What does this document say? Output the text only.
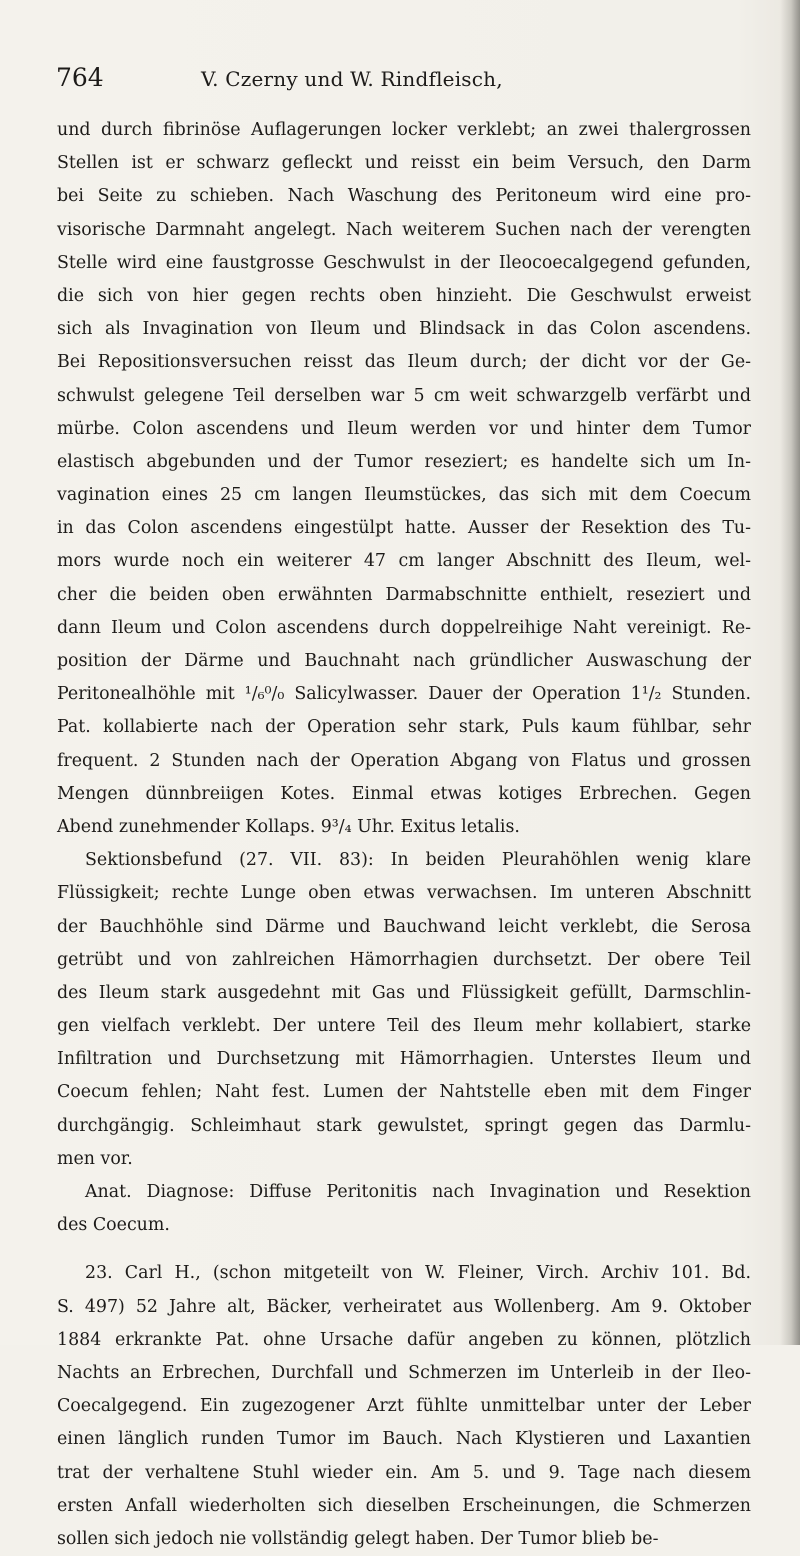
764	V. Czerny und W. Rindfleisch,
und durch fibrinöse Auflagerungen locker verklebt; an zwei thalergrossen
Stellen ist er schwarz gefleckt und reisst ein beim Versuch, den Darm
bei Seite zu schieben. Nach Waschung des Peritoneum wird eine pro-
visorische Darmnaht angelegt. Nach weiterem Suchen nach der verengten
Stelle wird eine faustgrosse Geschwulst in der Ileocoecalgegend gefunden,
die sich von hier gegen rechts oben hinzieht. Die Geschwulst erweist
sich als Invagination von Ileum und Blindsack in das Colon ascendens.
Bei Repositionsversuchen reisst das Ileum durch; der dicht vor der Ge-
schwulst gelegene Teil derselben war 5 cm weit schwarzgelb verfärbt und
mürbe. Colon ascendens und Ileum werden vor und hinter dem Tumor
elastisch abgebunden und der Tumor reseziert; es handelte sich um In-
vagination eines 25 cm langen Ileumstückes, das sich mit dem Coecum
in das Colon ascendens eingestülpt hatte. Ausser der Resektion des Tu-
mors wurde noch ein weiterer 47 cm langer Abschnitt des Ileum, wel-
cher die beiden oben erwähnten Darmabschnitte enthielt, reseziert und
dann Ileum und Colon ascendens durch doppelreihige Naht vereinigt. Re-
position der Därme und Bauchnaht nach gründlicher Auswaschung der
Peritonealhöhle mit ¹/₆⁰/₀ Salicylwasser. Dauer der Operation 1¹/₂ Stunden.
Pat. kollabierte nach der Operation sehr stark, Puls kaum fühlbar, sehr
frequent. 2 Stunden nach der Operation Abgang von Flatus und grossen
Mengen dünnbreiigen Kotes. Einmal etwas kotiges Erbrechen. Gegen
Abend zunehmender Kollaps. 9³/₄ Uhr. Exitus letalis.
Sektionsbefund (27. VII. 83): In beiden Pleurahöhlen wenig klare
Flüssigkeit; rechte Lunge oben etwas verwachsen. Im unteren Abschnitt
der Bauchhöhle sind Därme und Bauchwand leicht verklebt, die Serosa
getrübt und von zahlreichen Hämorrhagien durchsetzt. Der obere Teil
des Ileum stark ausgedehnt mit Gas und Flüssigkeit gefüllt, Darmschlin-
gen vielfach verklebt. Der untere Teil des Ileum mehr kollabiert, starke
Infiltration und Durchsetzung mit Hämorrhagien. Unterstes Ileum und
Coecum fehlen; Naht fest. Lumen der Nahtstelle eben mit dem Finger
durchgängig. Schleimhaut stark gewulstet, springt gegen das Darmlu-
men vor.
Anat. Diagnose: Diffuse Peritonitis nach Invagination und Resektion
des Coecum.
23. Carl H., (schon mitgeteilt von W. Fleiner, Virch. Archiv 101. Bd.
S. 497) 52 Jahre alt, Bäcker, verheiratet aus Wollenberg. Am 9. Oktober
1884 erkrankte Pat. ohne Ursache dafür angeben zu können, plötzlich
Nachts an Erbrechen, Durchfall und Schmerzen im Unterleib in der Ileo-
Coecalgegend. Ein zugezogener Arzt fühlte unmittelbar unter der Leber
einen länglich runden Tumor im Bauch. Nach Klystieren und Laxantien
trat der verhaltene Stuhl wieder ein. Am 5. und 9. Tage nach diesem
ersten Anfall wiederholten sich dieselben Erscheinungen, die Schmerzen
sollen sich jedoch nie vollständig gelegt haben. Der Tumor blieb be-
